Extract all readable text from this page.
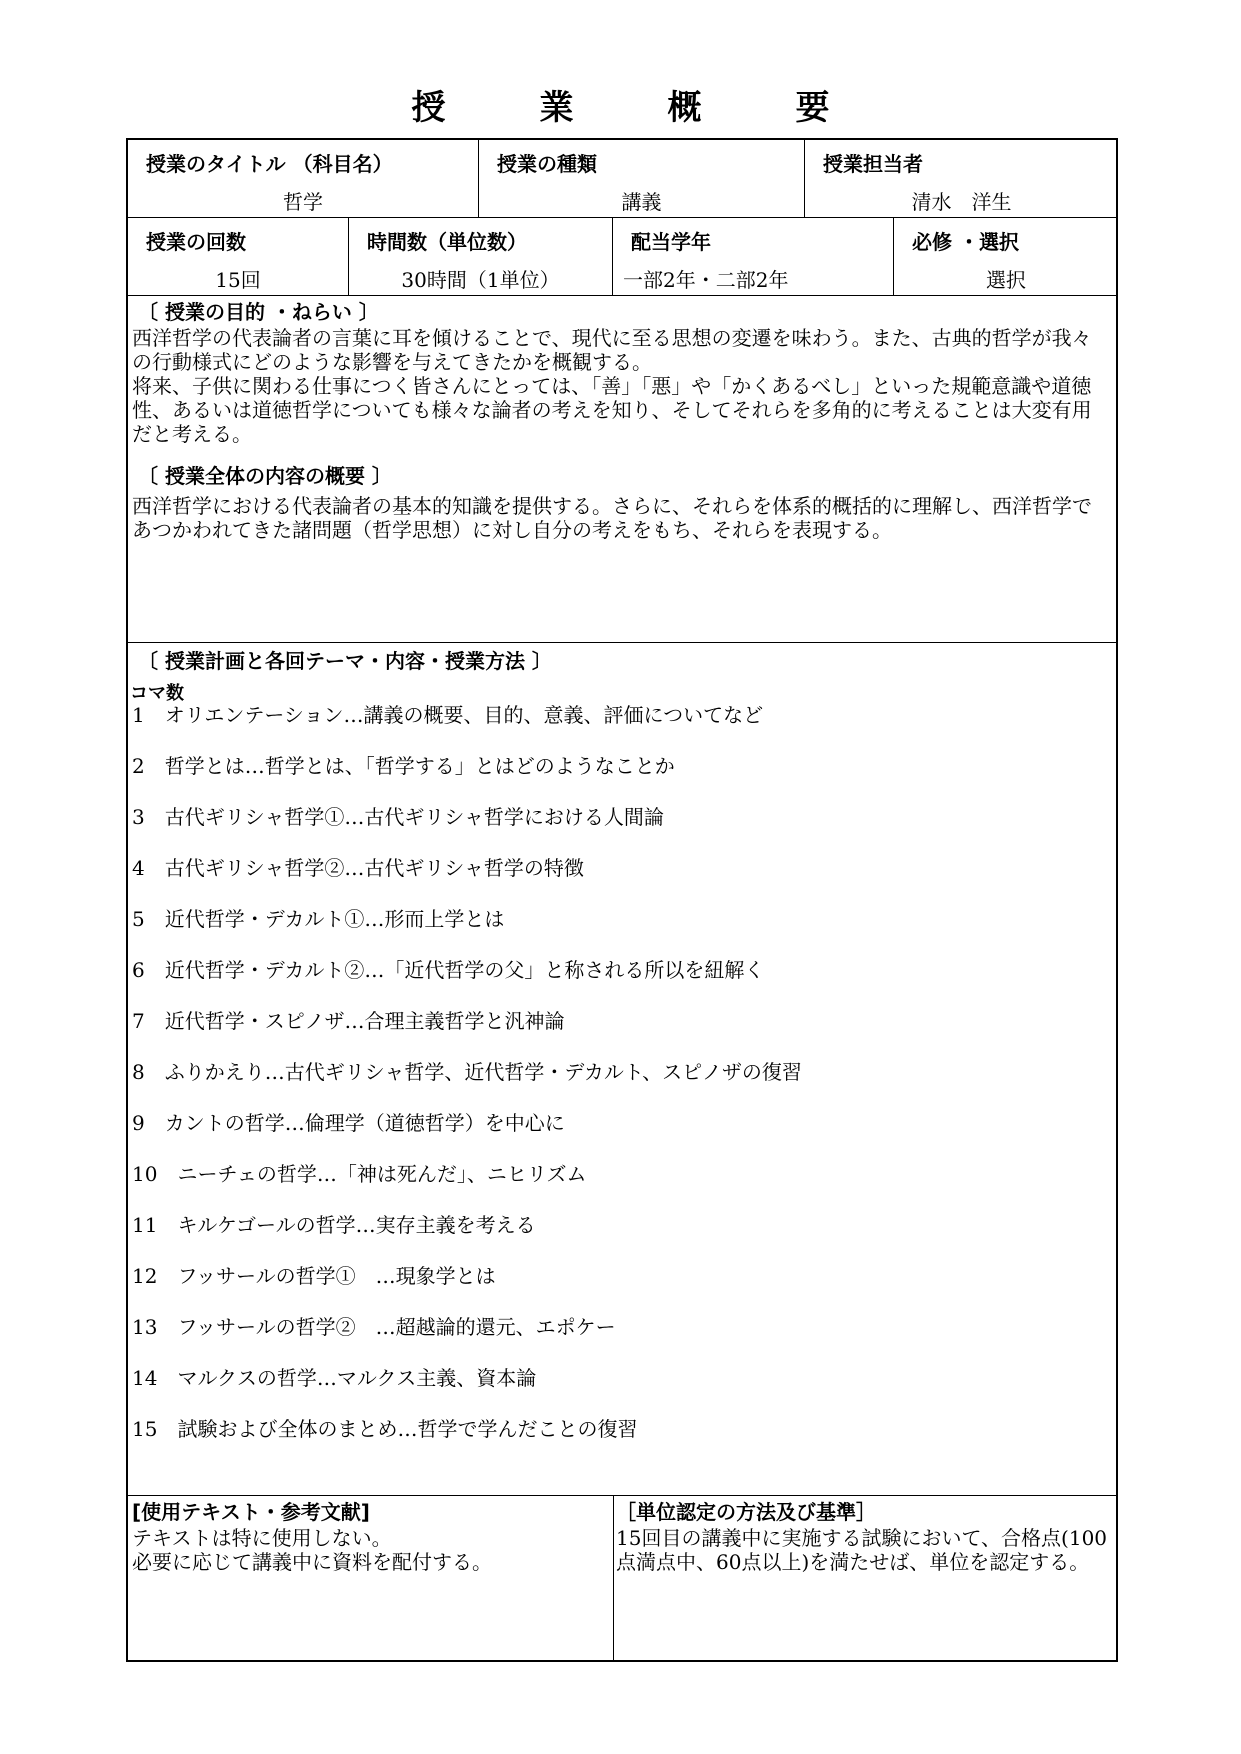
授　業　概　要
授業のタイトル （科目名）
哲学
授業の種類
講義
授業担当者
清水　洋生
授業の回数
15回
時間数（単位数）
30時間（1単位）
配当学年
一部2年・二部2年
必修 ・選択
選択
〔 授業の目的 ・ねらい 〕

西洋哲学の代表論者の言葉に耳を傾けることで、現代に至る思想の変遷を味わう。また、古典的哲学が我々の行動様式にどのような影響を与えてきたかを概観する。

将来、子供に関わる仕事につく皆さんにとっては、「善」「悪」や「かくあるべし」といった規範意識や道徳性、あるいは道徳哲学についても様々な論者の考えを知り、そしてそれらを多角的に考えることは大変有用だと考える。

〔 授業全体の内容の概要 〕

西洋哲学における代表論者の基本的知識を提供する。さらに、それらを体系的概括的に理解し、西洋哲学であつかわれてきた諸問題（哲学思想）に対し自分の考えをもち、それらを表現する。

〔 授業計画と各回テーマ・内容・授業方法 〕
コマ数
1　オリエンテーション…講義の概要、目的、意義、評価についてなど
2　哲学とは…哲学とは、「哲学する」とはどのようなことか
3　古代ギリシャ哲学①…古代ギリシャ哲学における人間論
4　古代ギリシャ哲学②…古代ギリシャ哲学の特徴
5　近代哲学・デカルト①…形而上学とは
6　近代哲学・デカルト②…「近代哲学の父」と称される所以を紐解く
7　近代哲学・スピノザ…合理主義哲学と汎神論
8　ふりかえり…古代ギリシャ哲学、近代哲学・デカルト、スピノザの復習
9　カントの哲学…倫理学（道徳哲学）を中心に
10　ニーチェの哲学…「神は死んだ」、ニヒリズム
11　キルケゴールの哲学…実存主義を考える
12　フッサールの哲学①　…現象学とは
13　フッサールの哲学②　…超越論的還元、エポケー
14　マルクスの哲学…マルクス主義、資本論
15　試験および全体のまとめ…哲学で学んだことの復習
[使用テキスト・参考文献]
テキストは特に使用しない。
必要に応じて講義中に資料を配付する。
［単位認定の方法及び基準］

15回目の講義中に実施する試験において、合格点(100点満点中、60点以上)を満たせば、単位を認定する。
